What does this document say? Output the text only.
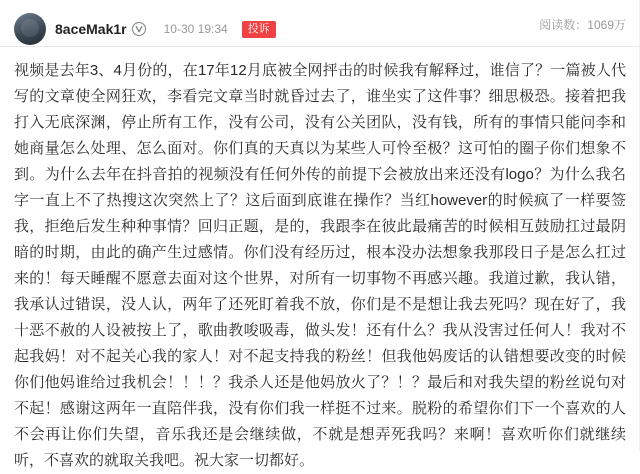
8aceMak1r	10-30 19:34	投诉	阅读数：1069万
视频是去年3、4月份的，在17年12月底被全网抨击的时候我有解释过，谁信了？一篇被人代写的文章使全网狂欢，李看完文章当时就昏过去了，谁坐实了这件事？细思极恐。接着把我打入无底深渊，停止所有工作，没有公司，没有公关团队，没有钱，所有的事情只能问李和她商量怎么处理、怎么面对。你们真的天真以为某些人可怜至极？这可怕的圈子你们想象不到。为什么去年在抖音拍的视频没有任何外传的前提下会被放出来还没有logo？为什么我名字一直上不了热搜这次突然上了？这后面到底谁在操作？当红however的时候疯了一样要签我，拒绝后发生种种事情？回归正题，是的，我跟李在彼此最痛苦的时候相互鼓励扛过最阴暗的时期，由此的确产生过感情。你们没有经历过，根本没办法想象我那段日子是怎么扛过来的！每天睡醒不愿意去面对这个世界，对所有一切事物不再感兴趣。我道过歉，我认错，我承认过错误，没人认，两年了还死盯着我不放，你们是不是想让我去死吗？现在好了，我十恶不赦的人设被按上了，歌曲教唆吸毒，做头发！还有什么？我从没害过任何人！我对不起我妈！对不起关心我的家人！对不起支持我的粉丝！但我他妈废话的认错想要改变的时候你们他妈谁给过我机会！！！？我杀人还是他妈放火了？！？最后和对我失望的粉丝说句对不起！感谢这两年一直陪伴我，没有你们我一样挺不过来。脱粉的希望你们下一个喜欢的人不会再让你们失望，音乐我还是会继续做，不就是想弄死我吗？来啊！喜欢听你们就继续听，不喜欢的就取关我吧。祝大家一切都好。
